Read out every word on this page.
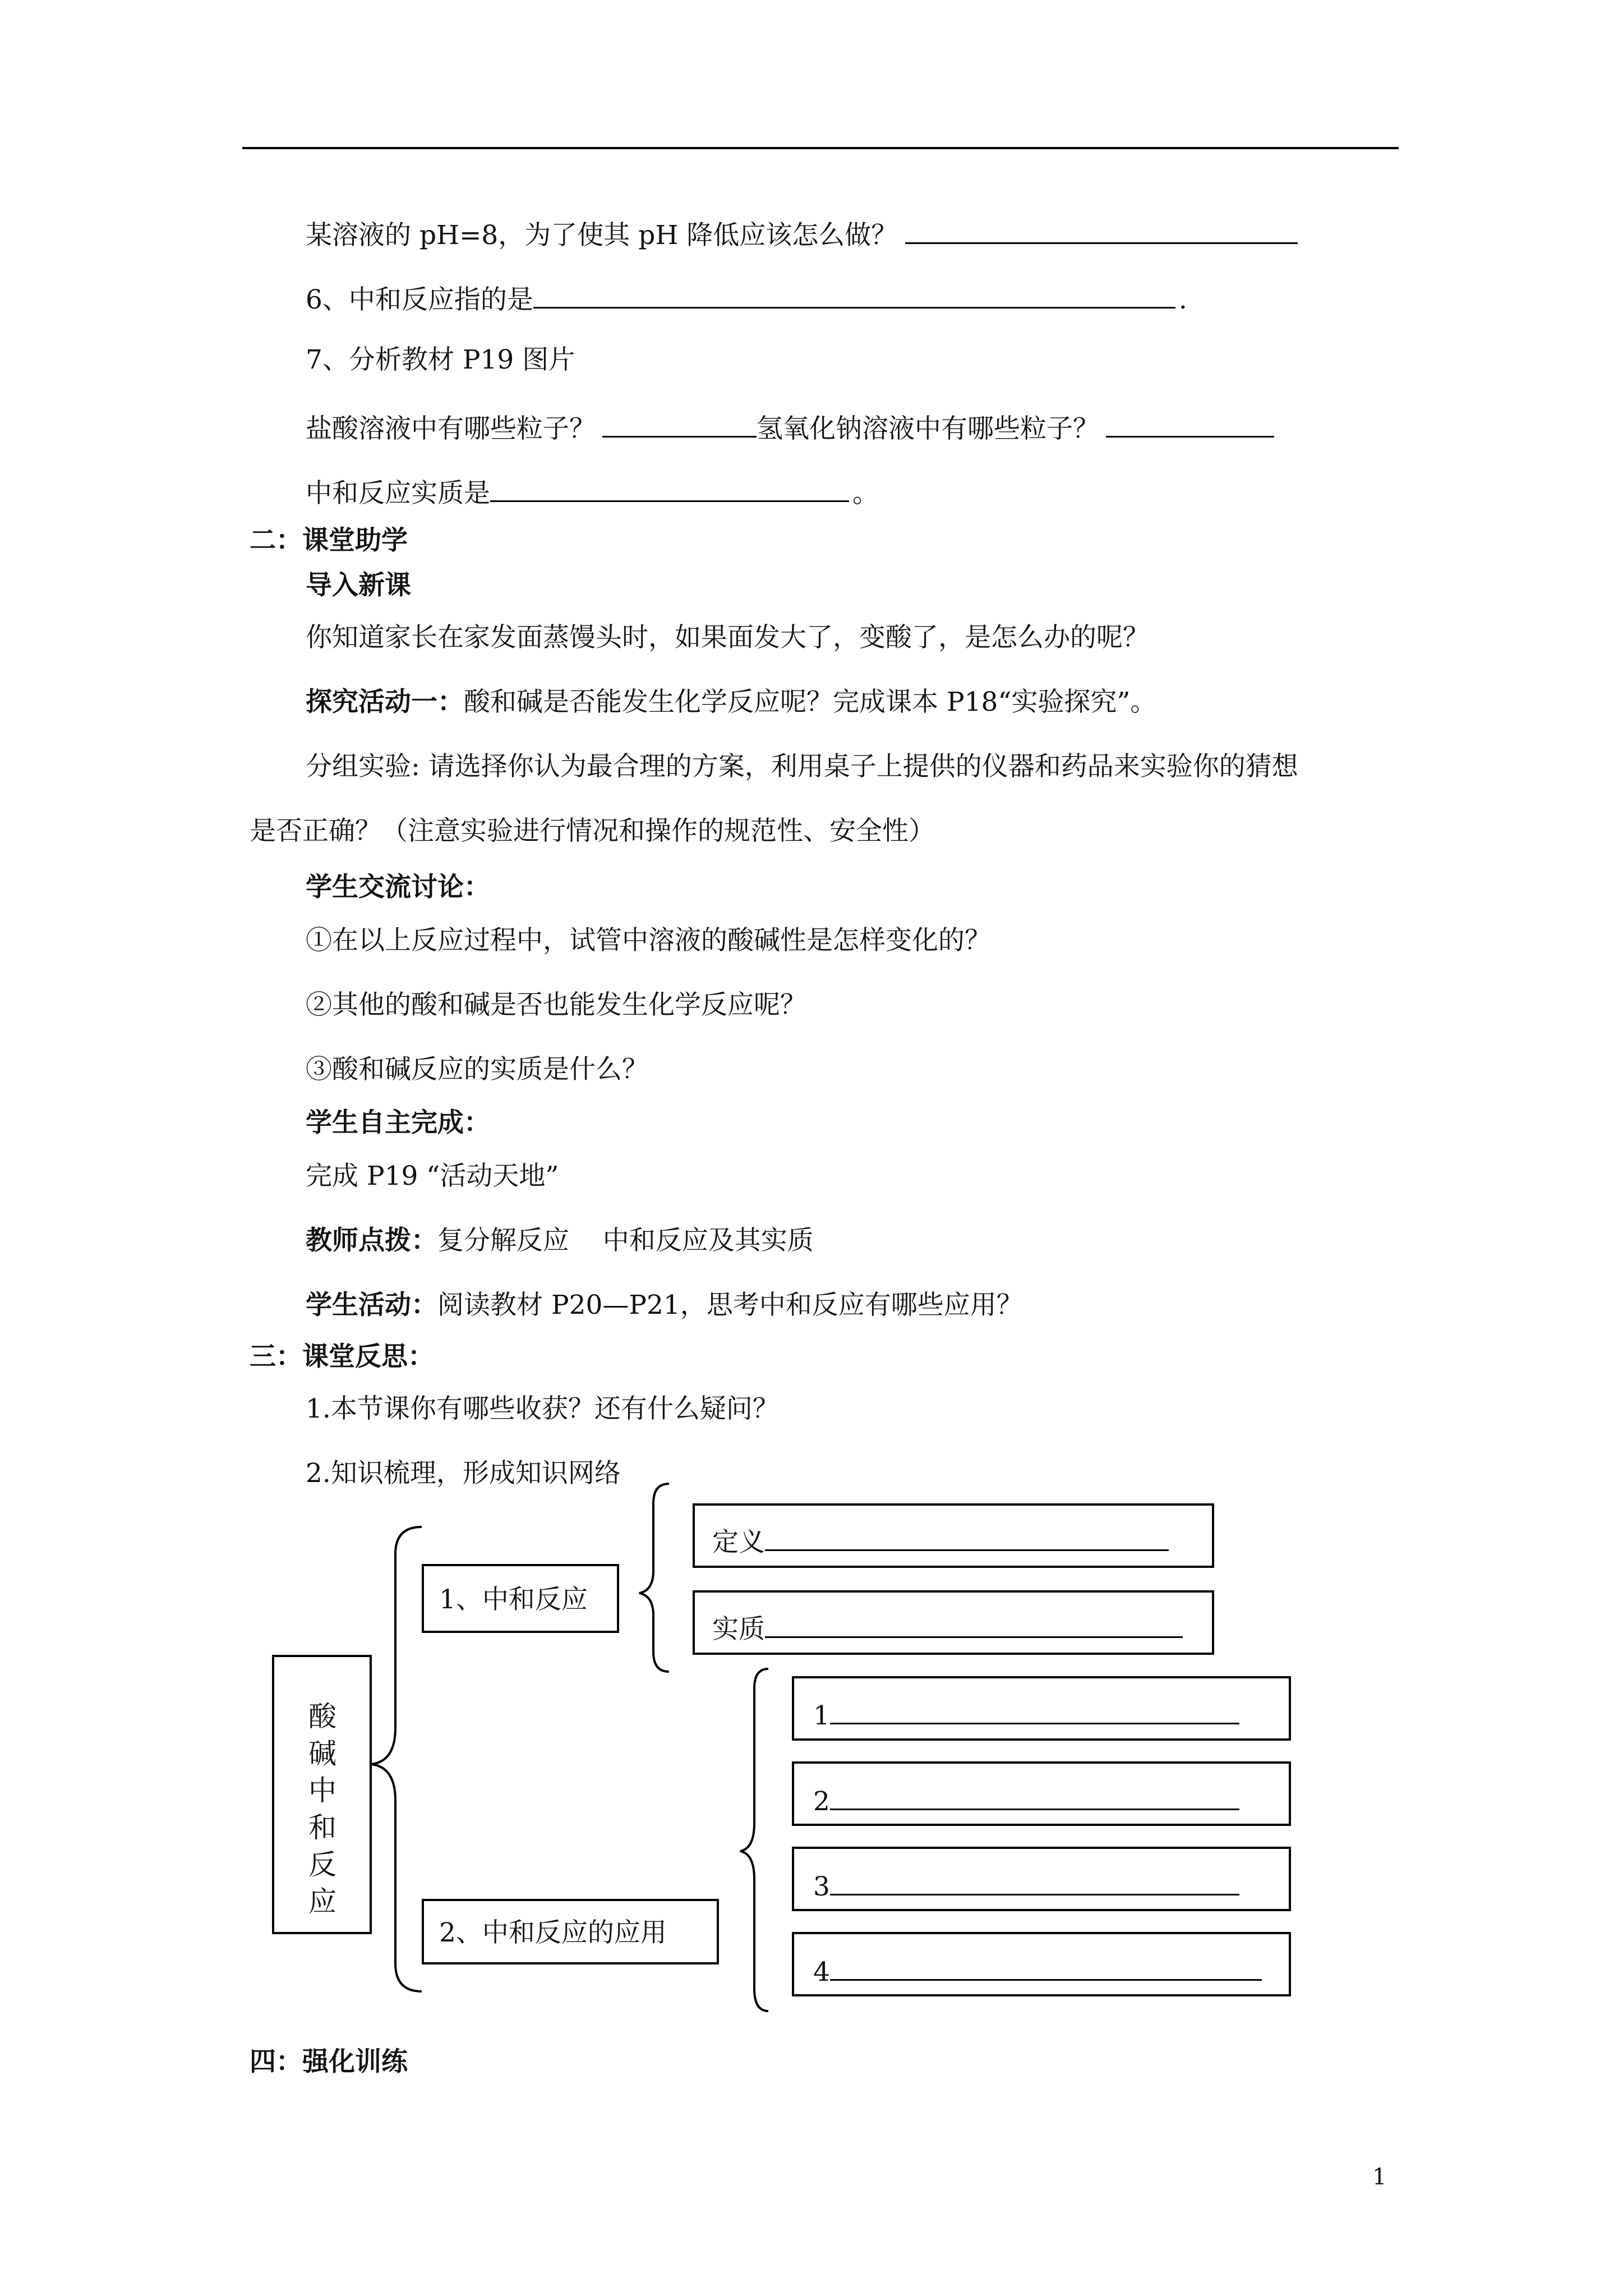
某溶液的 pH=8，为了使其 pH 降低应该怎么做？
6、中和反应指的是	.
7、分析教材 P19 图片
盐酸溶液中有哪些粒子？	氢氧化钠溶液中有哪些粒子？
中和反应实质是	。
二：课堂助学
导入新课
你知道家长在家发面蒸馒头时，如果面发大了，变酸了，是怎么办的呢？
探究活动一：酸和碱是否能发生化学反应呢？完成课本 P18“实验探究”。
分组实验: 请选择你认为最合理的方案，利用桌子上提供的仪器和药品来实验你的猜想
是否正确？（注意实验进行情况和操作的规范性、安全性）
学生交流讨论：
①在以上反应过程中，试管中溶液的酸碱性是怎样变化的？
②其他的酸和碱是否也能发生化学反应呢？
③酸和碱反应的实质是什么？
学生自主完成：
完成 P19 “活动天地”
教师点拨：复分解反应    中和反应及其实质
学生活动：阅读教材 P20—P21，思考中和反应有哪些应用？
三：课堂反思：
1.本节课你有哪些收获？还有什么疑问？
2.知识梳理，形成知识网络
酸碱中和反应
1、中和反应
定义
实质
2、中和反应的应用
1
2
3
4
四：强化训练
1
